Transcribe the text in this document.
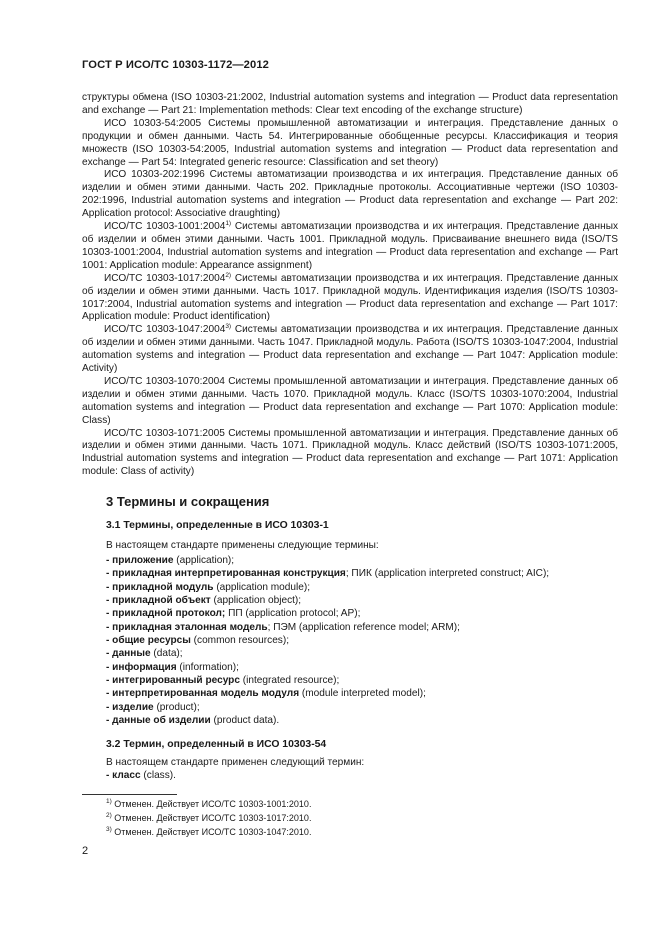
ГОСТ Р ИСО/ТС 10303-1172—2012

структуры обмена (ISO 10303-21:2002, Industrial automation systems and integration — Product data representation and exchange — Part 21: Implementation methods: Clear text encoding of the exchange structure)

ИСО 10303-54:2005 Системы промышленной автоматизации и интеграция. Представление данных о продукции и обмен данными. Часть 54. Интегрированные обобщенные ресурсы. Классификация и теория множеств (ISO 10303-54:2005, Industrial automation systems and integration — Product data representation and exchange — Part 54: Integrated generic resource: Classification and set theory)

ИСО 10303-202:1996 Системы автоматизации производства и их интеграция. Представление данных об изделии и обмен этими данными. Часть 202. Прикладные протоколы. Ассоциативные чертежи (ISO 10303-202:1996, Industrial automation systems and integration — Product data representation and exchange — Part 202: Application protocol: Associative draughting)

ИСО/ТС 10303-1001:2004$^{1)}$ Системы автоматизации производства и их интеграция. Представление данных об изделии и обмен этими данными. Часть 1001. Прикладной модуль. Присваивание внешнего вида (ISO/TS 10303-1001:2004, Industrial automation systems and integration — Product data representation and exchange — Part 1001: Application module: Appearance assignment)

ИСО/ТС 10303-1017:2004$^{2)}$ Системы автоматизации производства и их интеграция. Представление данных об изделии и обмен этими данными. Часть 1017. Прикладной модуль. Идентификация изделия (ISO/TS 10303-1017:2004, Industrial automation systems and integration — Product data representation and exchange — Part 1017: Application module: Product identification)

ИСО/ТС 10303-1047:2004$^{3)}$ Системы автоматизации производства и их интеграция. Представление данных об изделии и обмен этими данными. Часть 1047. Прикладной модуль. Работа (ISO/TS 10303-1047:2004, Industrial automation systems and integration — Product data representation and exchange — Part 1047: Application module: Activity)

ИСО/ТС 10303-1070:2004 Системы промышленной автоматизации и интеграция. Представление данных об изделии и обмен этими данными. Часть 1070. Прикладной модуль. Класс (ISO/TS 10303-1070:2004, Industrial automation systems and integration — Product data representation and exchange — Part 1070: Application module: Class)

ИСО/ТС 10303-1071:2005 Системы промышленной автоматизации и интеграция. Представление данных об изделии и обмен этими данными. Часть 1071. Прикладной модуль. Класс действий (ISO/TS 10303-1071:2005, Industrial automation systems and integration — Product data representation and exchange — Part 1071: Application module: Class of activity)

3 Термины и сокращения
3.1 Термины, определенные в ИСО 10303-1
В настоящем стандарте применены следующие термины:
- приложение (application);
- прикладная интерпретированная конструкция; ПИК (application interpreted construct; AIC);
- прикладной модуль (application module);
- прикладной объект (application object);
- прикладной протокол; ПП (application protocol; AP);
- прикладная эталонная модель; ПЭМ (application reference model; ARM);
- общие ресурсы (common resources);
- данные (data);
- информация (information);
- интегрированный ресурс (integrated resource);
- интерпретированная модель модуля (module interpreted model);
- изделие (product);
- данные об изделии (product data).
3.2 Термин, определенный в ИСО 10303-54
В настоящем стандарте применен следующий термин:
- класс (class).
$^{1)}$ Отменен. Действует ИСО/ТС 10303-1001:2010.
$^{2)}$ Отменен. Действует ИСО/ТС 10303-1017:2010.
$^{3)}$ Отменен. Действует ИСО/ТС 10303-1047:2010.
2
